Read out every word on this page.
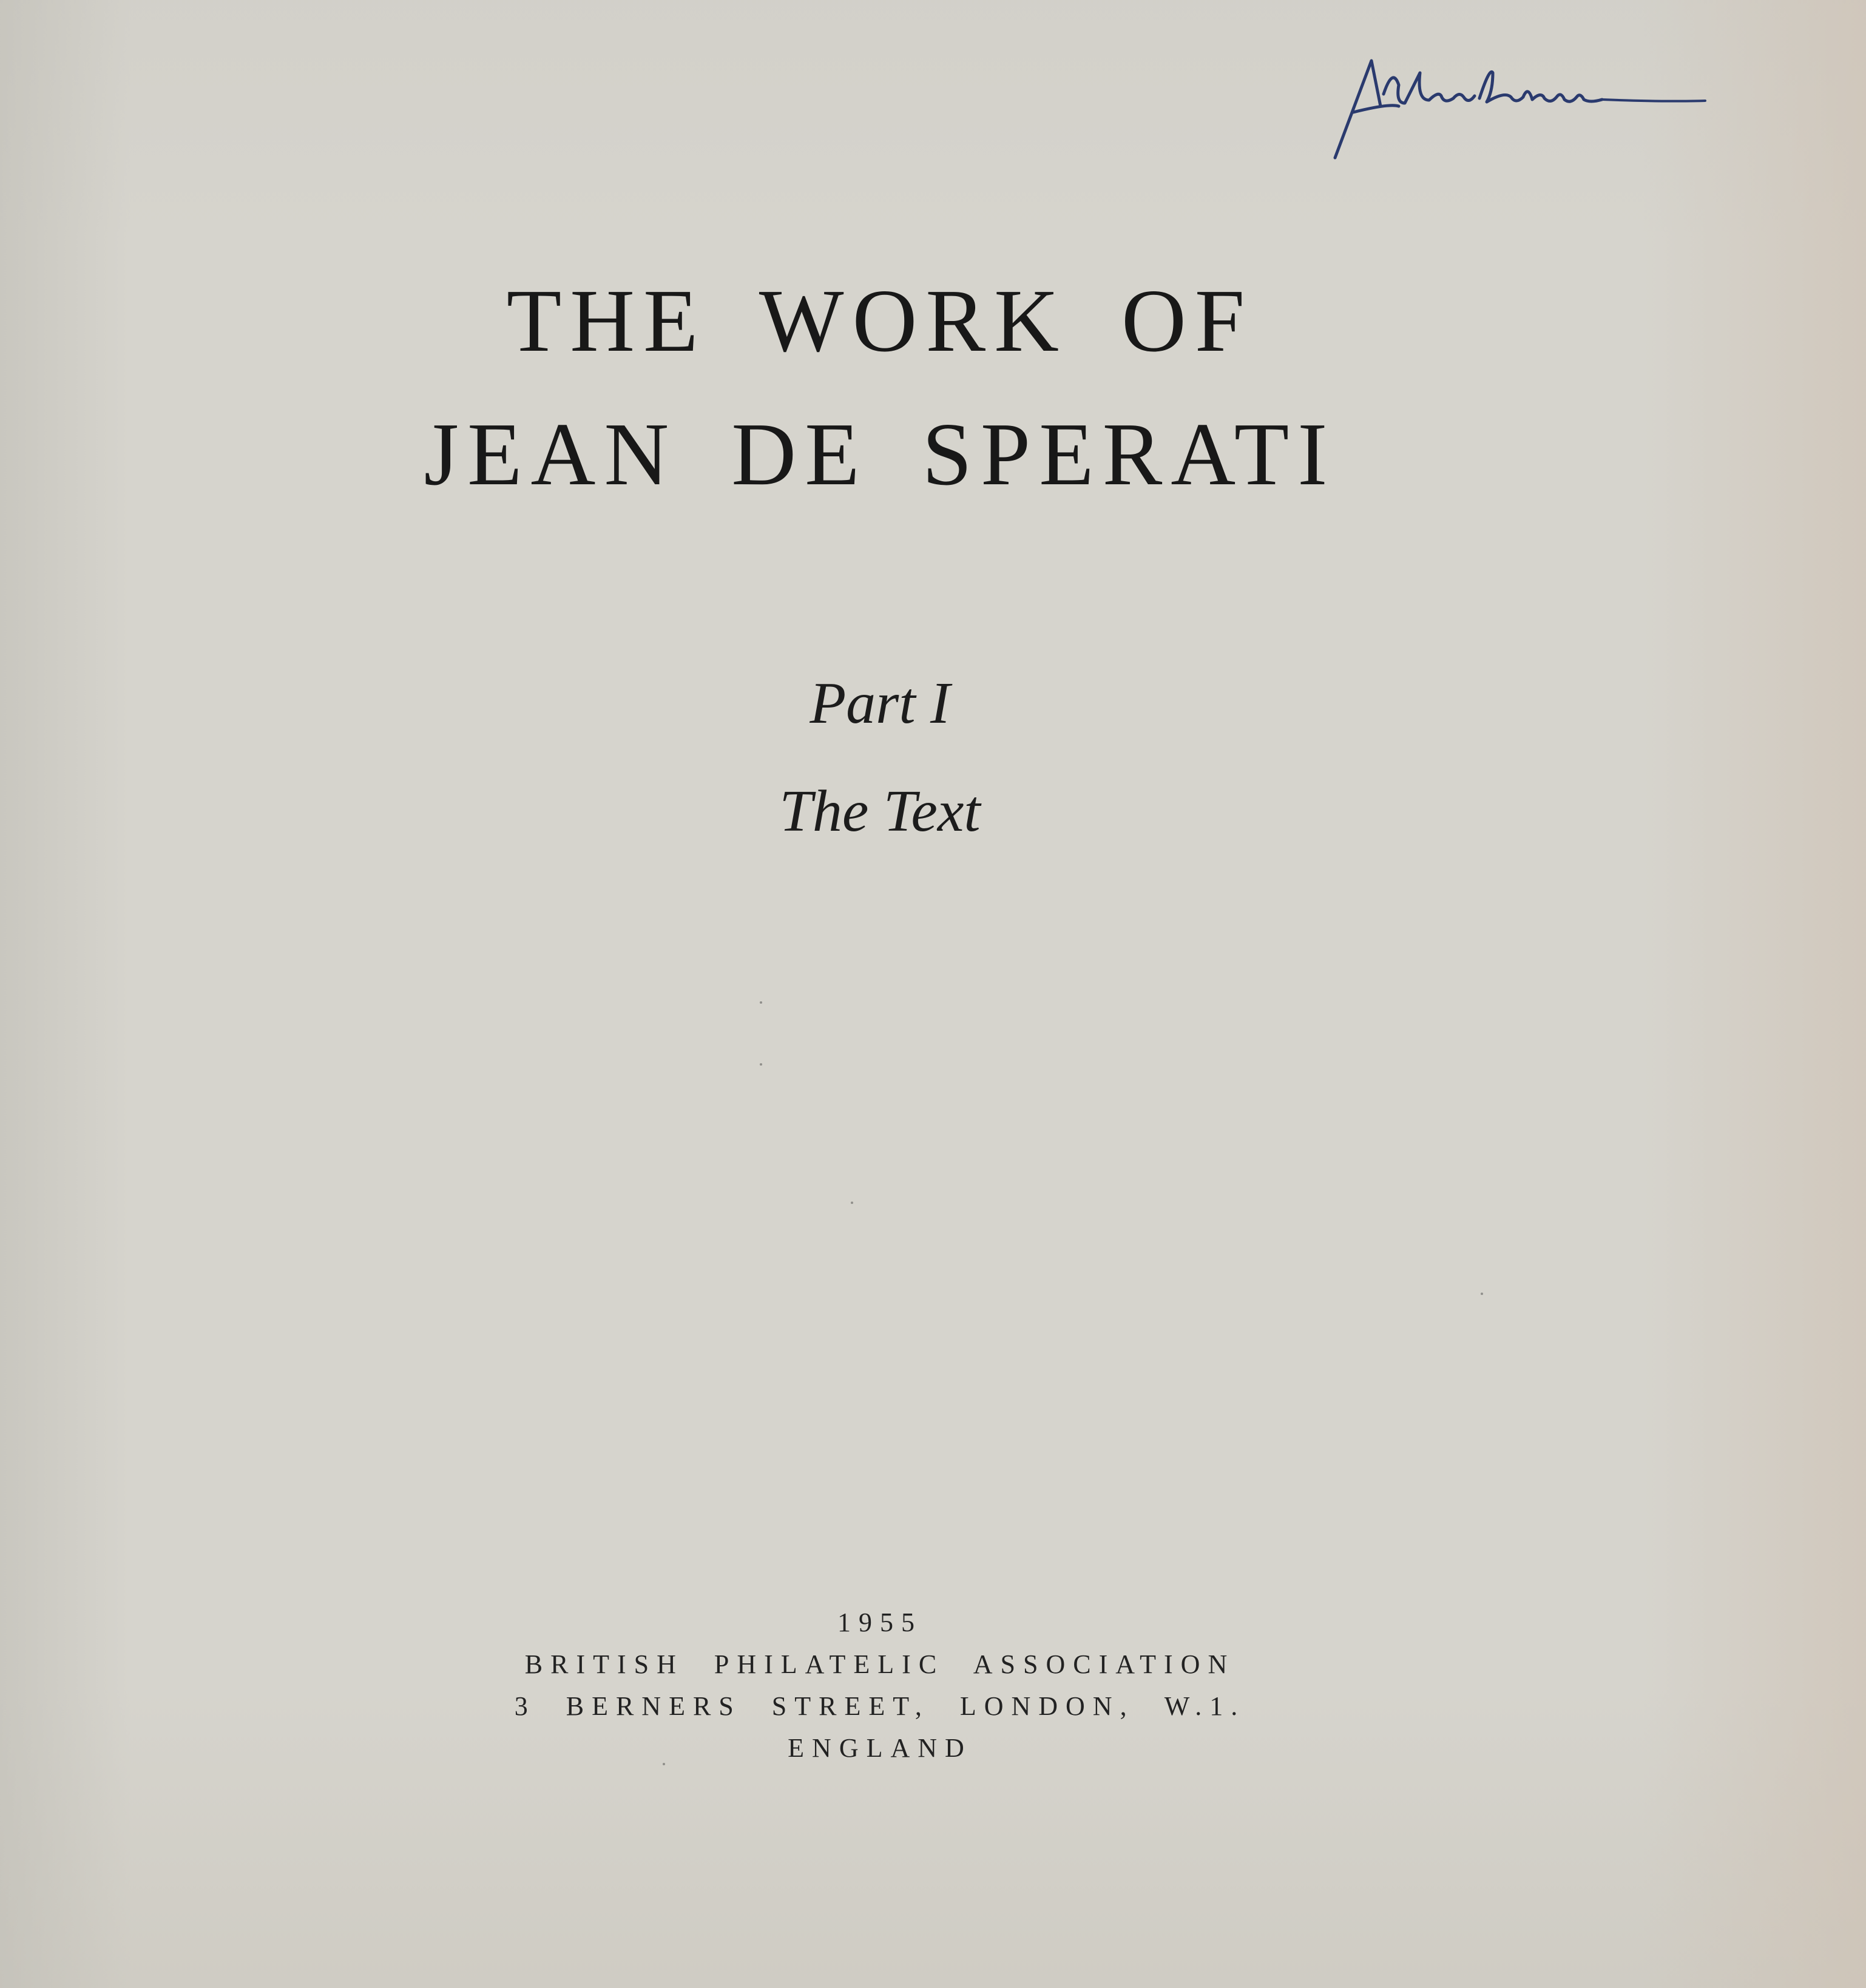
THE WORK OF
JEAN DE SPERATI
Part I
The Text
1955
BRITISH PHILATELIC ASSOCIATION
3 BERNERS STREET, LONDON, W.1.
ENGLAND
